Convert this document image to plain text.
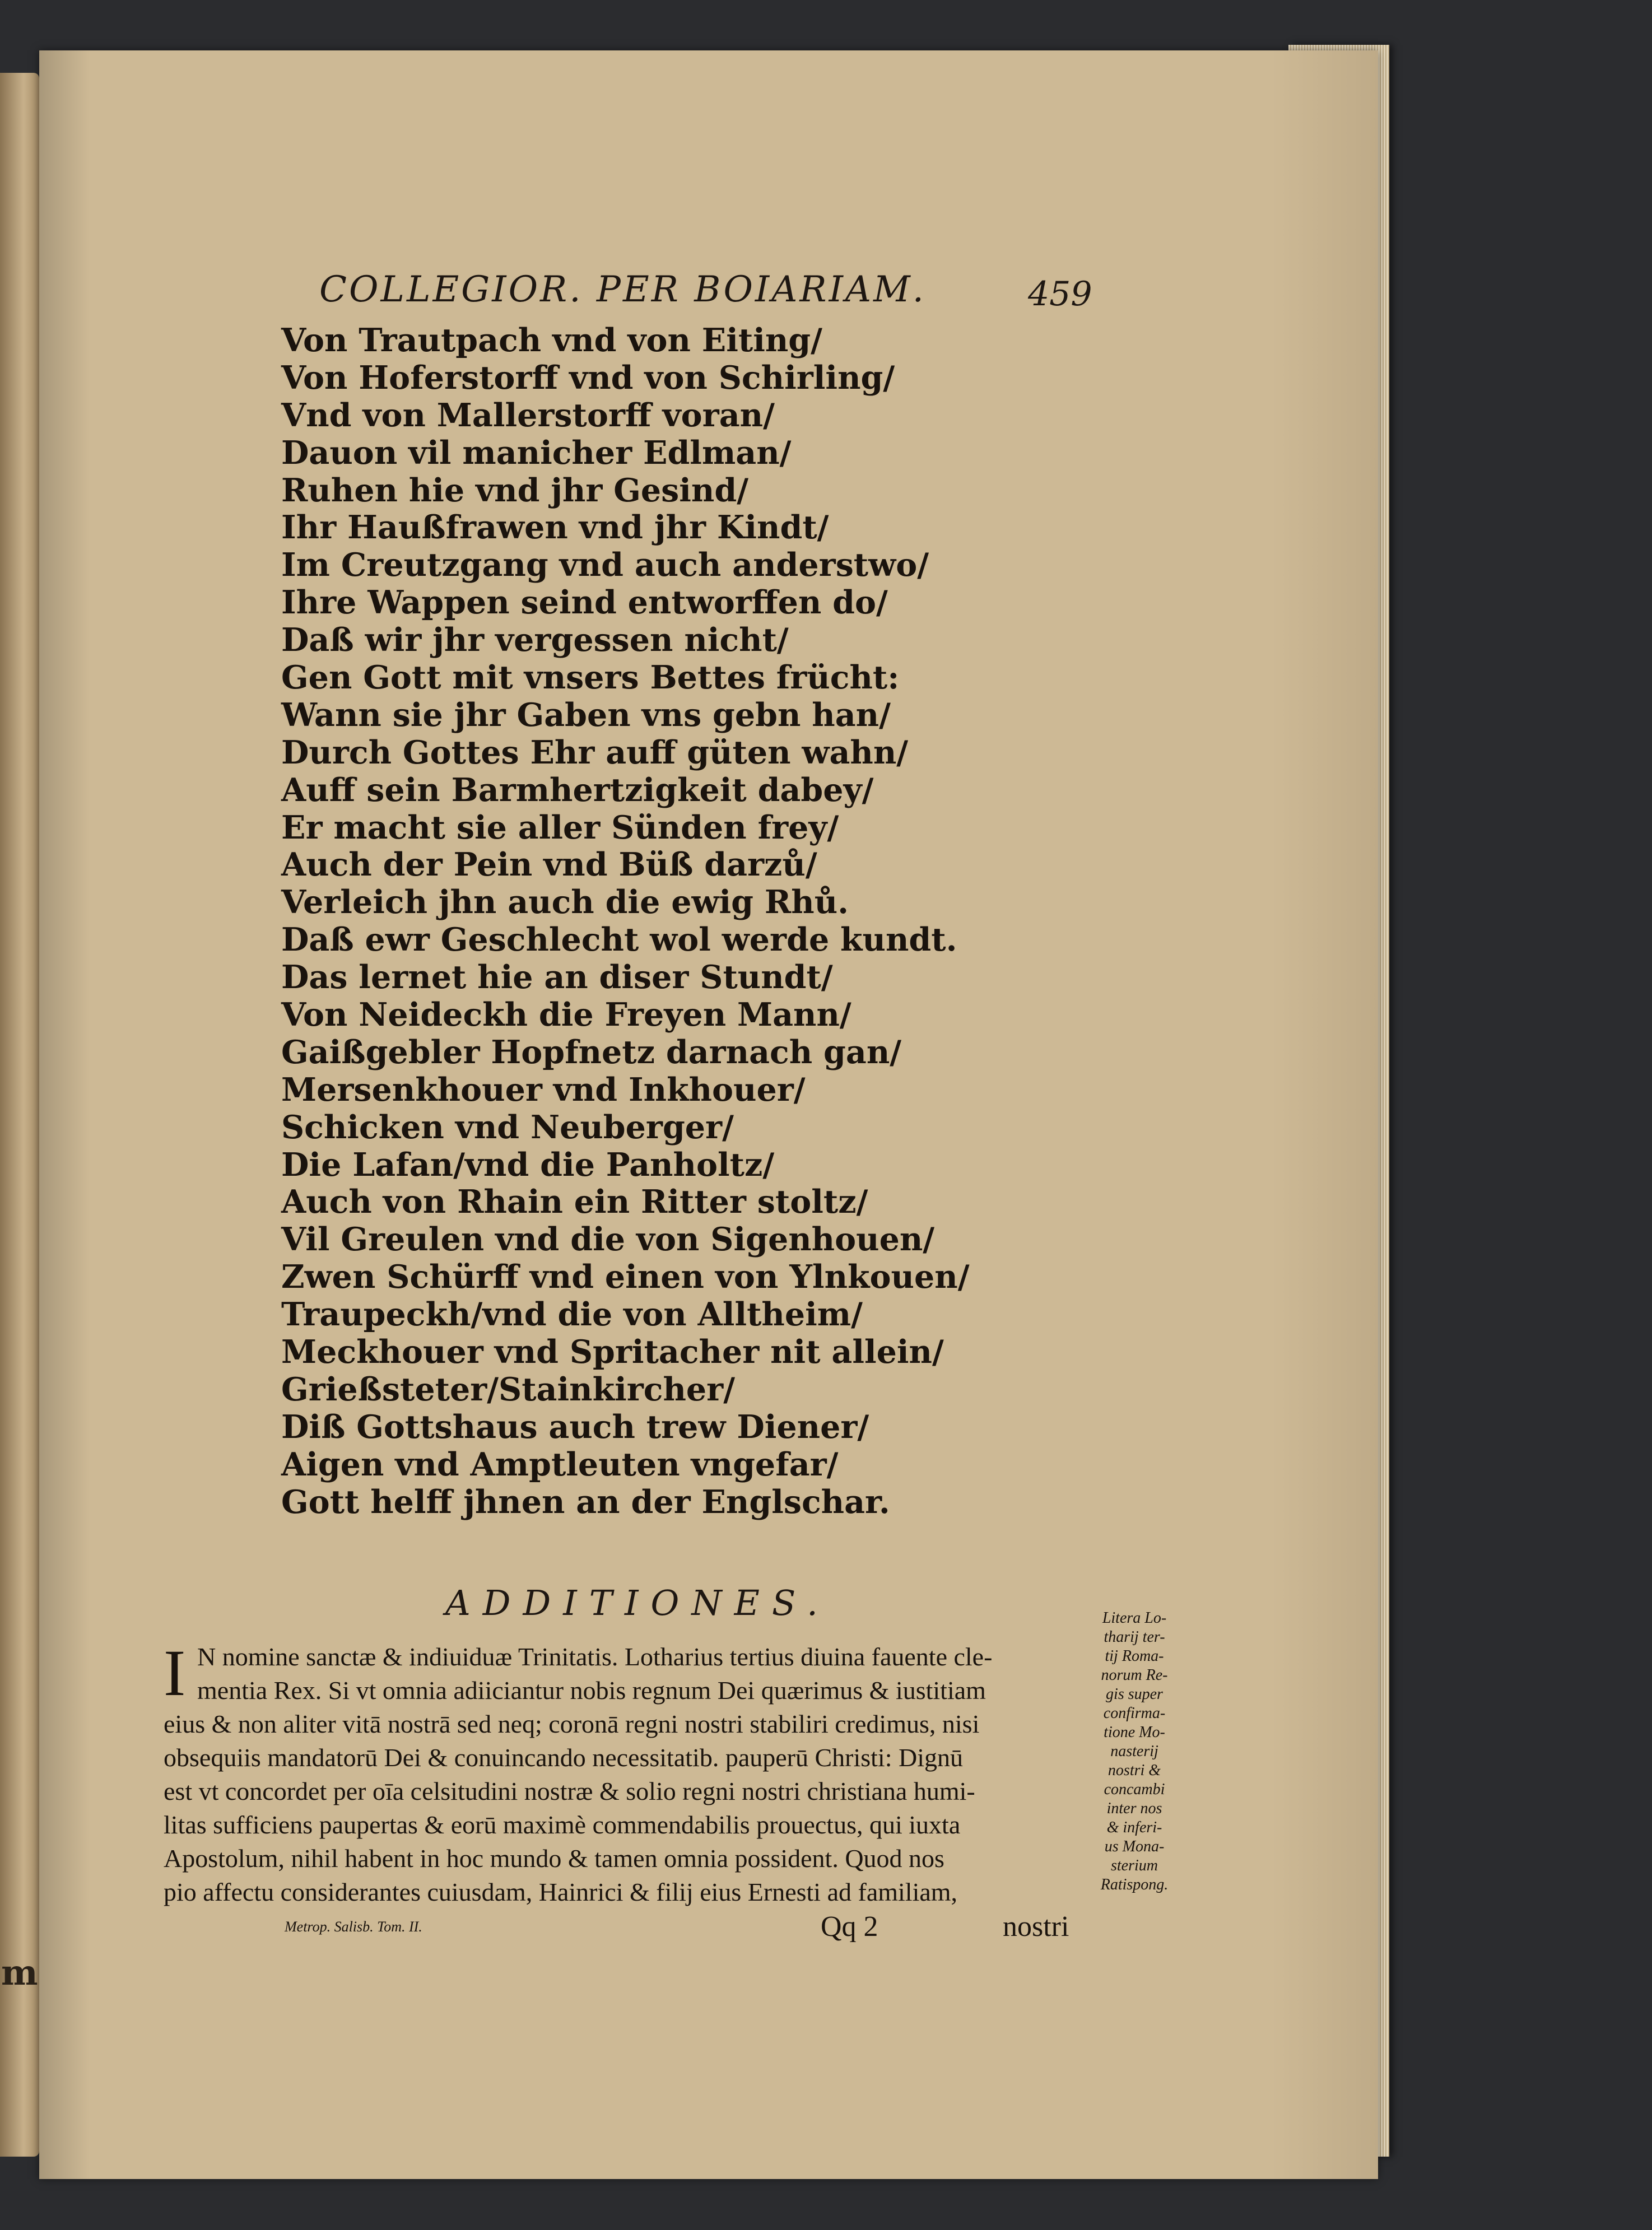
m
COLLEGIOR. PER BOIARIAM.	459
Von Trautpach vnd von Eiting/
Von Hoferstorff vnd von Schirling/
Vnd von Mallerstorff voran/
Dauon vil manicher Edlman/
Ruhen hie vnd jhr Gesind/
Ihr Haußfrawen vnd jhr Kindt/
Im Creutzgang vnd auch anderstwo/
Ihre Wappen seind entworffen do/
Daß wir jhr vergessen nicht/
Gen Gott mit vnsers Bettes frücht:
Wann sie jhr Gaben vns gebn han/
Durch Gottes Ehr auff güten wahn/
Auff sein Barmhertzigkeit dabey/
Er macht sie aller Sünden frey/
Auch der Pein vnd Büß darzů/
Verleich jhn auch die ewig Rhů.
Daß ewr Geschlecht wol werde kundt.
Das lernet hie an diser Stundt/
Von Neideckh die Freyen Mann/
Gaißgebler Hopfnetz darnach gan/
Mersenkhouer vnd Inkhouer/
Schicken vnd Neuberger/
Die Lafan/vnd die Panholtz/
Auch von Rhain ein Ritter stoltz/
Vil Greulen vnd die von Sigenhouen/
Zwen Schürff vnd einen von Ylnkouen/
Traupeckh/vnd die von Alltheim/
Meckhouer vnd Spritacher nit allein/
Grießsteter/Stainkircher/
Diß Gottshaus auch trew Diener/
Aigen vnd Amptleuten vngefar/
Gott helff jhnen an der Englschar.
ADDITIONES.
I N nomine sanctæ & indiuiduæ Trinitatis. Lotharius tertius diuina fauente cle-
mentia Rex. Si vt omnia adiiciantur nobis regnum Dei quærimus & iustitiam
eius & non aliter vitā nostrā sed neq; coronā regni nostri stabiliri credimus, nisi
obsequiis mandatorū Dei & conuincando necessitatib. pauperū Christi: Dignū
est vt concordet per oīa celsitudini nostræ & solio regni nostri christiana humi-
litas sufficiens paupertas & eorū maximè commendabilis prouectus, qui iuxta
Apostolum, nihil habent in hoc mundo & tamen omnia possident. Quod nos
pio affectu considerantes cuiusdam, Hainrici & filij eius Ernesti ad familiam,
Litera Lo-
tharij ter-
tij Roma-
norum Re-
gis super
confirma-
tione Mo-
nasterij
nostri &
concambi
inter nos
& inferi-
us Mona-
sterium
Ratispong.
Metrop. Salisb. Tom. II.	Qq 2	nostri
